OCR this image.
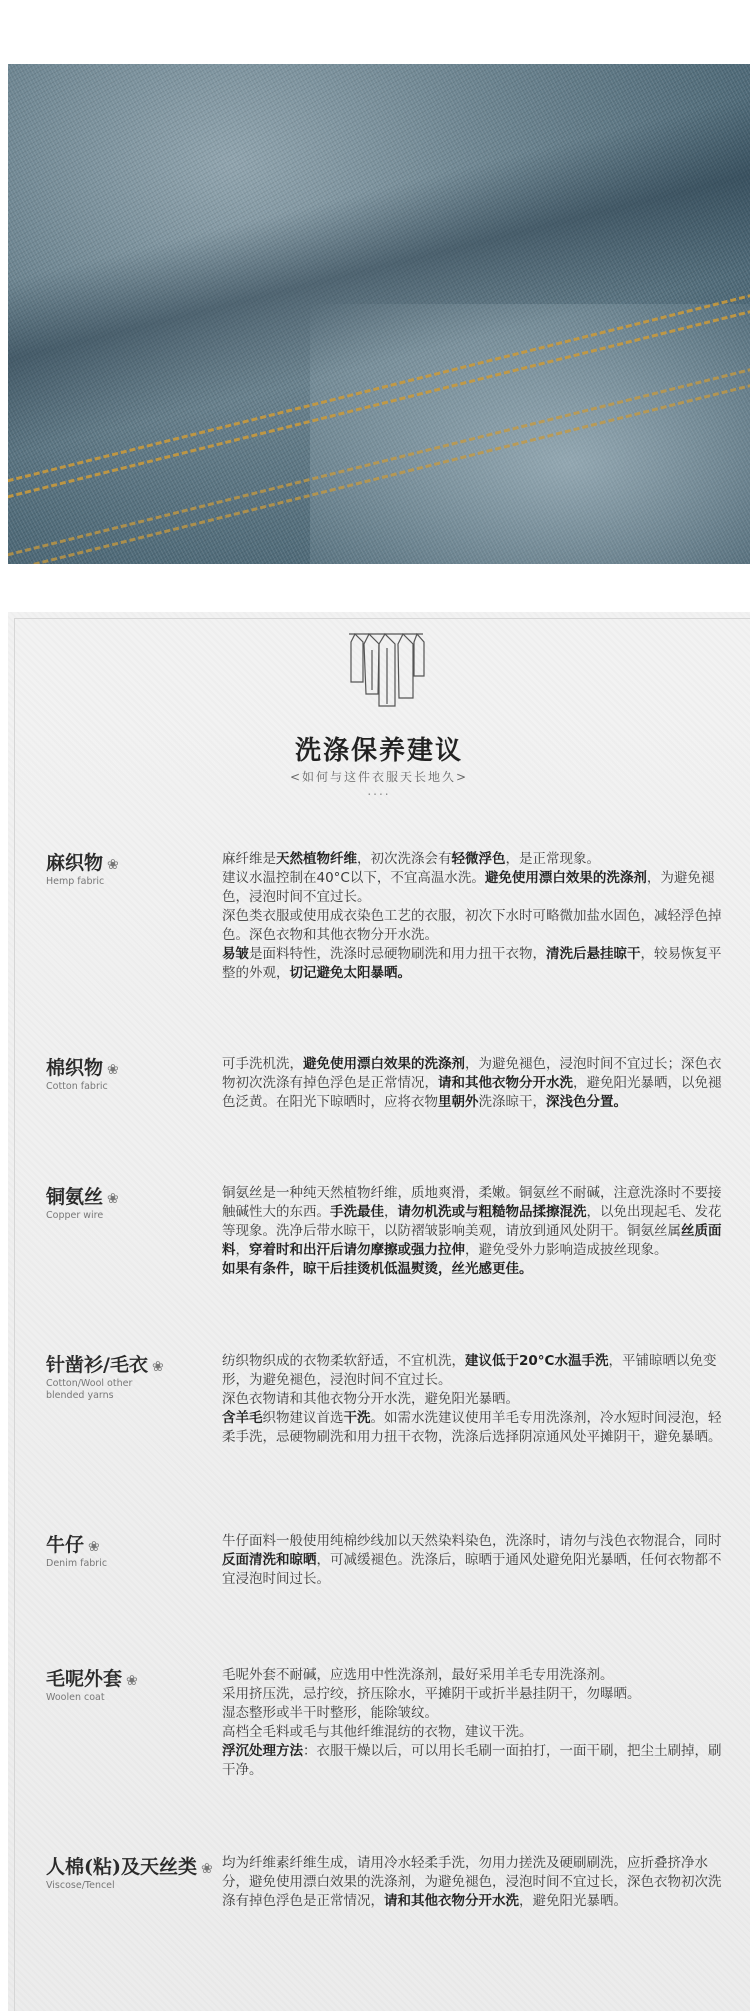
洗涤保养建议
<如何与这件衣服天长地久>
....
麻织物 ❀
Hemp fabric

麻纤维是天然植物纤维，初次洗涤会有轻微浮色，是正常现象。

建议水温控制在40°C以下，不宜高温水洗。避免使用漂白效果的洗涤剂，为避免褪色，浸泡时间不宜过长。

深色类衣服或使用成衣染色工艺的衣服，初次下水时可略微加盐水固色，减轻浮色掉色。深色衣物和其他衣物分开水洗。

易皱是面料特性，洗涤时忌硬物刷洗和用力扭干衣物，清洗后悬挂晾干，较易恢复平整的外观，切记避免太阳暴晒。

棉织物 ❀
Cotton fabric

可手洗机洗，避免使用漂白效果的洗涤剂，为避免褪色，浸泡时间不宜过长；深色衣物初次洗涤有掉色浮色是正常情况，请和其他衣物分开水洗，避免阳光暴晒，以免褪色泛黄。在阳光下晾晒时，应将衣物里朝外洗涤晾干，深浅色分置。

铜氨丝 ❀
Copper wire

铜氨丝是一种纯天然植物纤维，质地爽滑，柔嫩。铜氨丝不耐碱，注意洗涤时不要接触碱性大的东西。手洗最佳，请勿机洗或与粗糙物品揉擦混洗，以免出现起毛、发花等现象。洗净后带水晾干，以防褶皱影响美观，请放到通风处阴干。铜氨丝属丝质面料，穿着时和出汗后请勿摩擦或强力拉伸，避免受外力影响造成披丝现象。

如果有条件，晾干后挂烫机低温熨烫，丝光感更佳。

针凿衫/毛衣 ❀
Cotton/Wool other blended yarns

纺织物织成的衣物柔软舒适，不宜机洗，建议低于20°C水温手洗，平铺晾晒以免变形，为避免褪色，浸泡时间不宜过长。

深色衣物请和其他衣物分开水洗，避免阳光暴晒。

含羊毛织物建议首选干洗。如需水洗建议使用羊毛专用洗涤剂，冷水短时间浸泡，轻柔手洗，忌硬物刷洗和用力扭干衣物，洗涤后选择阴凉通风处平摊阴干，避免暴晒。

牛仔 ❀
Denim fabric

牛仔面料一般使用纯棉纱线加以天然染料染色，洗涤时，请勿与浅色衣物混合，同时反面清洗和晾晒，可减缓褪色。洗涤后，晾晒于通风处避免阳光暴晒，任何衣物都不宜浸泡时间过长。

毛呢外套 ❀
Woolen coat

毛呢外套不耐碱，应选用中性洗涤剂，最好采用羊毛专用洗涤剂。

采用挤压洗，忌拧绞，挤压除水，平摊阴干或折半悬挂阴干，勿曝晒。

湿态整形或半干时整形，能除皱纹。

高档全毛料或毛与其他纤维混纺的衣物，建议干洗。

浮沉处理方法：衣服干燥以后，可以用长毛刷一面拍打，一面干刷，把尘土刷掉，刷干净。

人棉(粘)及天丝类 ❀
Viscose/Tencel

均为纤维素纤维生成，请用冷水轻柔手洗，勿用力搓洗及硬刷刷洗，应折叠挤净水分，避免使用漂白效果的洗涤剂，为避免褪色，浸泡时间不宜过长，深色衣物初次洗涤有掉色浮色是正常情况，请和其他衣物分开水洗，避免阳光暴晒。
